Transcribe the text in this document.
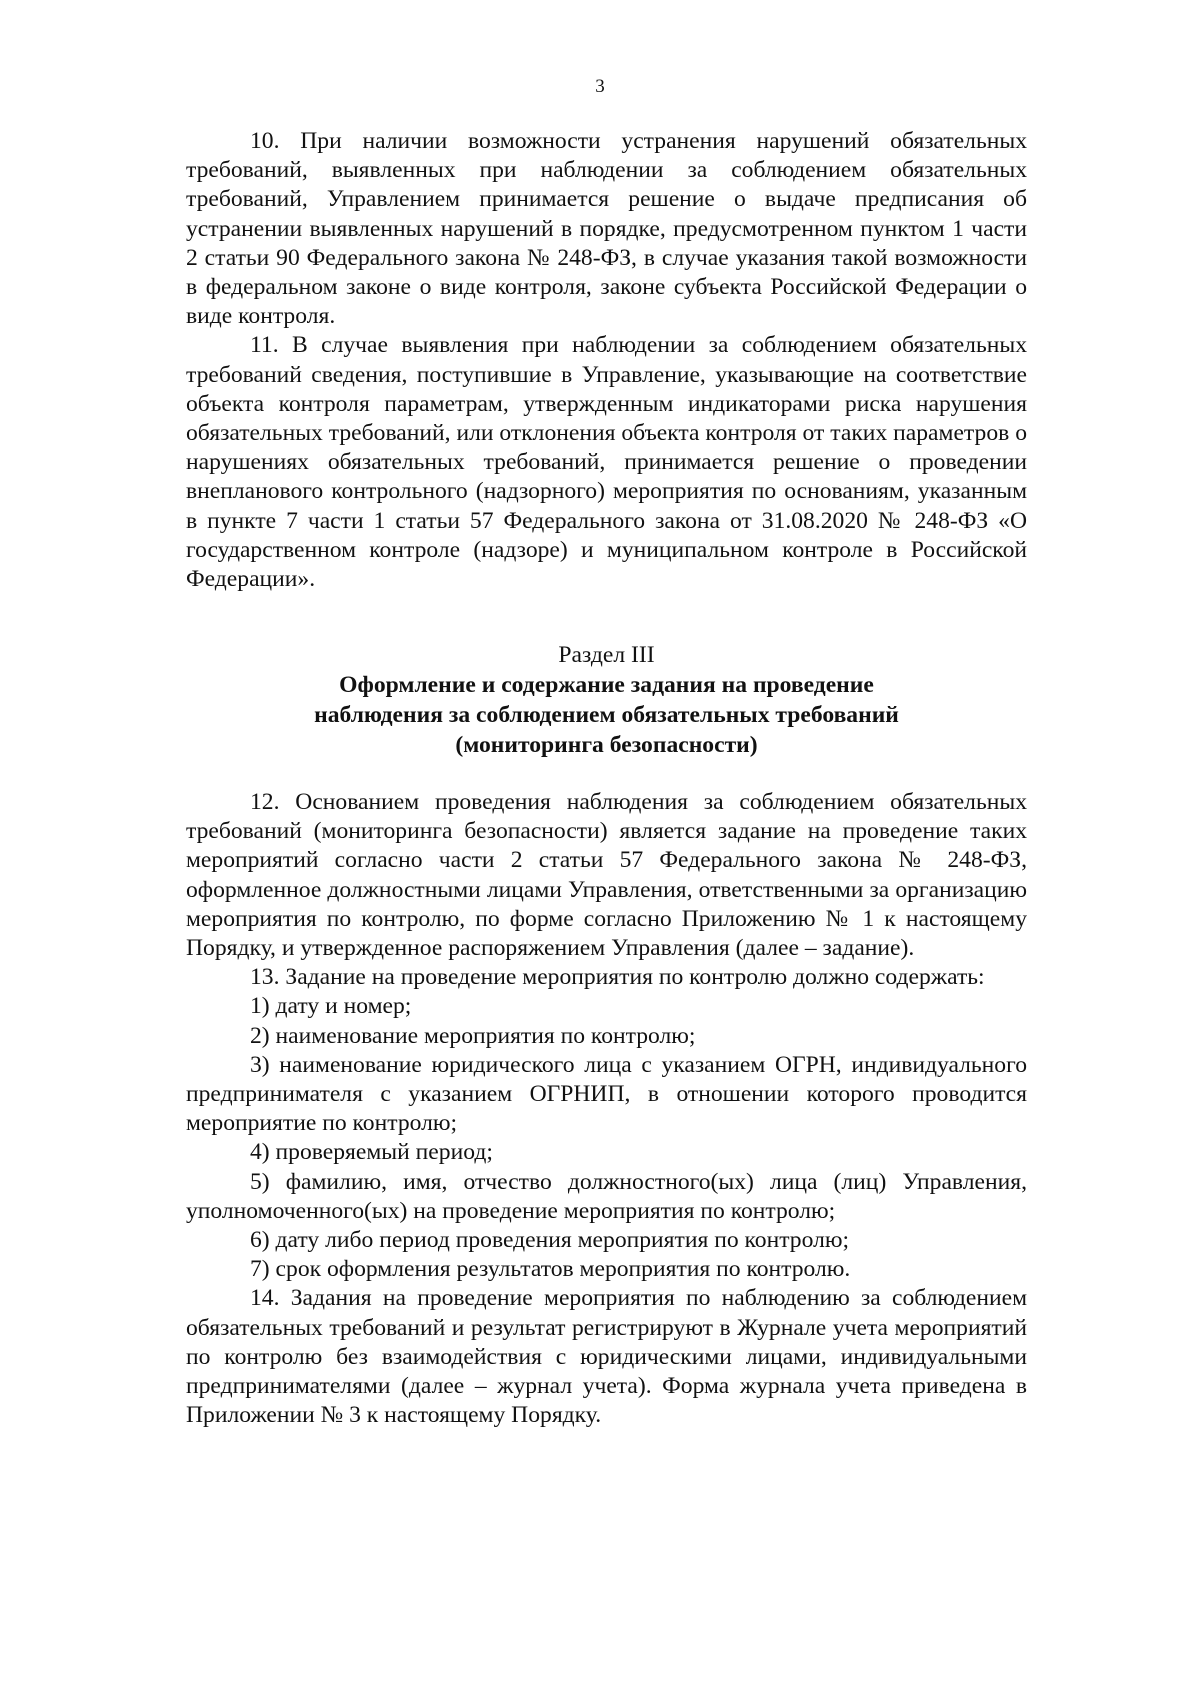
3

10. При наличии возможности устранения нарушений обязательных требований, выявленных при наблюдении за соблюдением обязательных требований, Управлением принимается решение о выдаче предписания об устранении выявленных нарушений в порядке, предусмотренном пунктом 1 части 2 статьи 90 Федерального закона № 248-ФЗ, в случае указания такой возможности в федеральном законе о виде контроля, законе субъекта Российской Федерации о виде контроля.

11. В случае выявления при наблюдении за соблюдением обязательных требований сведения, поступившие в Управление, указывающие на соответствие объекта контроля параметрам, утвержденным индикаторами риска нарушения обязательных требований, или отклонения объекта контроля от таких параметров о нарушениях обязательных требований, принимается решение о проведении внепланового контрольного (надзорного) мероприятия по основаниям, указанным в пункте 7 части 1 статьи 57 Федерального закона от 31.08.2020 № 248-ФЗ «О государственном контроле (надзоре) и муниципальном контроле в Российской Федерации».

Раздел III
Оформление и содержание задания на проведение
наблюдения за соблюдением обязательных требований
(мониторинга безопасности)

12. Основанием проведения наблюдения за соблюдением обязательных требований (мониторинга безопасности) является задание на проведение таких мероприятий согласно части 2 статьи 57 Федерального закона № 248-ФЗ, оформленное должностными лицами Управления, ответственными за организацию мероприятия по контролю, по форме согласно Приложению № 1 к настоящему Порядку, и утвержденное распоряжением Управления (далее – задание).

13. Задание на проведение мероприятия по контролю должно содержать:

1) дату и номер;

2) наименование мероприятия по контролю;

3) наименование юридического лица с указанием ОГРН, индивидуального предпринимателя с указанием ОГРНИП, в отношении которого проводится мероприятие по контролю;

4) проверяемый период;

5) фамилию, имя, отчество должностного(ых) лица (лиц) Управления, уполномоченного(ых) на проведение мероприятия по контролю;

6) дату либо период проведения мероприятия по контролю;

7) срок оформления результатов мероприятия по контролю.

14. Задания на проведение мероприятия по наблюдению за соблюдением обязательных требований и результат регистрируют в Журнале учета мероприятий по контролю без взаимодействия с юридическими лицами, индивидуальными предпринимателями (далее – журнал учета). Форма журнала учета приведена в Приложении № 3 к настоящему Порядку.
